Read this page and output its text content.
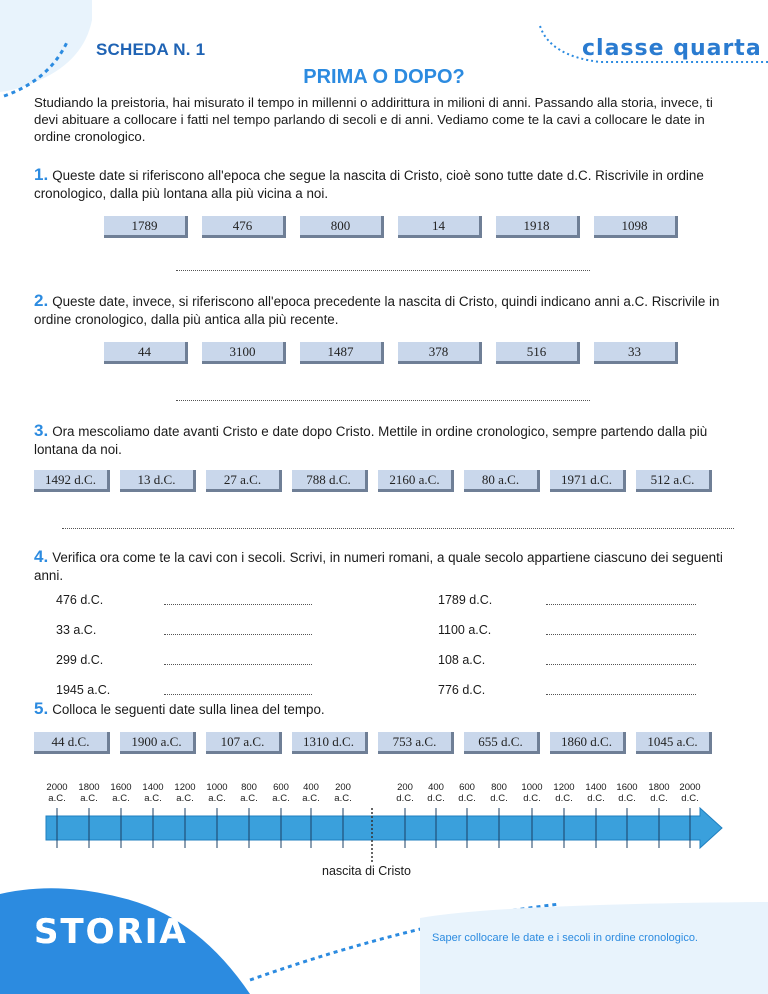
SCHEDA N. 1	classe quarta
PRIMA O DOPO?
Studiando la preistoria, hai misurato il tempo in millenni o addirittura in milioni di anni. Passando alla storia, invece, ti devi abituare a collocare i fatti nel tempo parlando di secoli e di anni. Vediamo come te la cavi a collocare le date in ordine cronologico.
1. Queste date si riferiscono all'epoca che segue la nascita di Cristo, cioè sono tutte date d.C. Riscrivile in ordine cronologico, dalla più lontana alla più vicina a noi.
1789	476	800	14	1918	1098
2. Queste date, invece, si riferiscono all'epoca precedente la nascita di Cristo, quindi indicano anni a.C. Riscrivile in ordine cronologico, dalla più antica alla più recente.
44	3100	1487	378	516	33
3. Ora mescoliamo date avanti Cristo e date dopo Cristo. Mettile in ordine cronologico, sempre partendo dalla più lontana da noi.
1492 d.C.	13 d.C.	27 a.C.	788 d.C.	2160 a.C.	80 a.C.	1971 d.C.	512 a.C.
4. Verifica ora come te la cavi con i secoli. Scrivi, in numeri romani, a quale secolo appartiene ciascuno dei seguenti anni.
476 d.C.
33 a.C.
299 d.C.
1945 a.C.
1789 d.C.
1100 a.C.
108 a.C.
776 d.C.
5. Colloca le seguenti date sulla linea del tempo.
44 d.C.	1900 a.C.	107 a.C.	1310 d.C.	753 a.C.	655 d.C.	1860 d.C.	1045 a.C.
2000
a.C.
1800
a.C.
1600
a.C.
1400
a.C.
1200
a.C.
1000
a.C.
800
a.C.
600
a.C.
400
a.C.
200
a.C.
200
d.C.
400
d.C.
600
d.C.
800
d.C.
1000
d.C.
1200
d.C.
1400
d.C.
1600
d.C.
1800
d.C.
2000
d.C.
nascita di Cristo
STORIA	Saper collocare le date e i secoli in ordine cronologico.
